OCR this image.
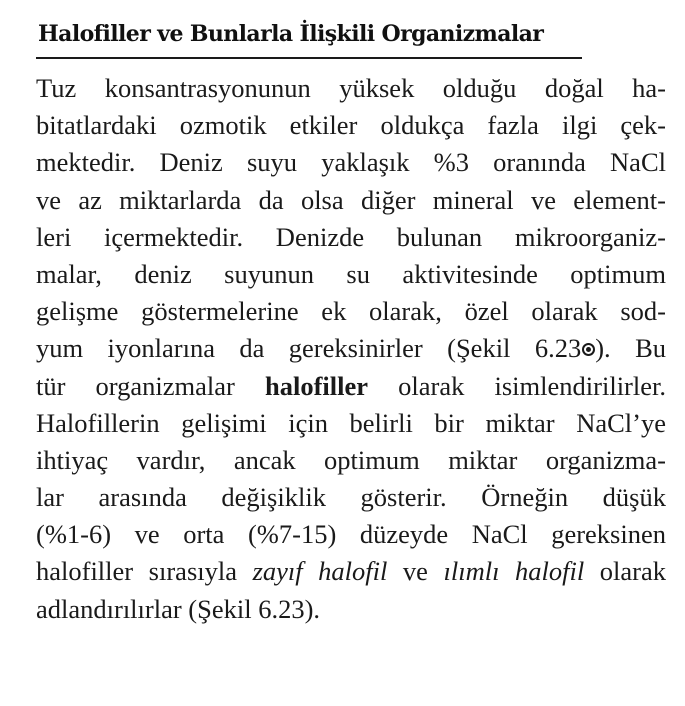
Halofiller ve Bunlarla İlişkili Organizmalar
Tuz konsantrasyonunun yüksek olduğu doğal ha-
bitatlardaki ozmotik etkiler oldukça fazla ilgi çek-
mektedir. Deniz suyu yaklaşık %3 oranında NaCl
ve az miktarlarda da olsa diğer mineral ve element-
leri içermektedir. Denizde bulunan mikroorganiz-
malar, deniz suyunun su aktivitesinde optimum
gelişme göstermelerine ek olarak, özel olarak sod-
yum iyonlarına da gereksinirler (Şekil 6.23 ). Bu
tür organizmalar halofiller olarak isimlendirilirler.
Halofillerin gelişimi için belirli bir miktar NaCl’ye
ihtiyaç vardır, ancak optimum miktar organizma-
lar arasında değişiklik gösterir. Örneğin düşük
(%1-6) ve orta (%7-15) düzeyde NaCl gereksinen
halofiller sırasıyla zayıf halofil ve ılımlı halofil olarak
adlandırılırlar (Şekil 6.23).
